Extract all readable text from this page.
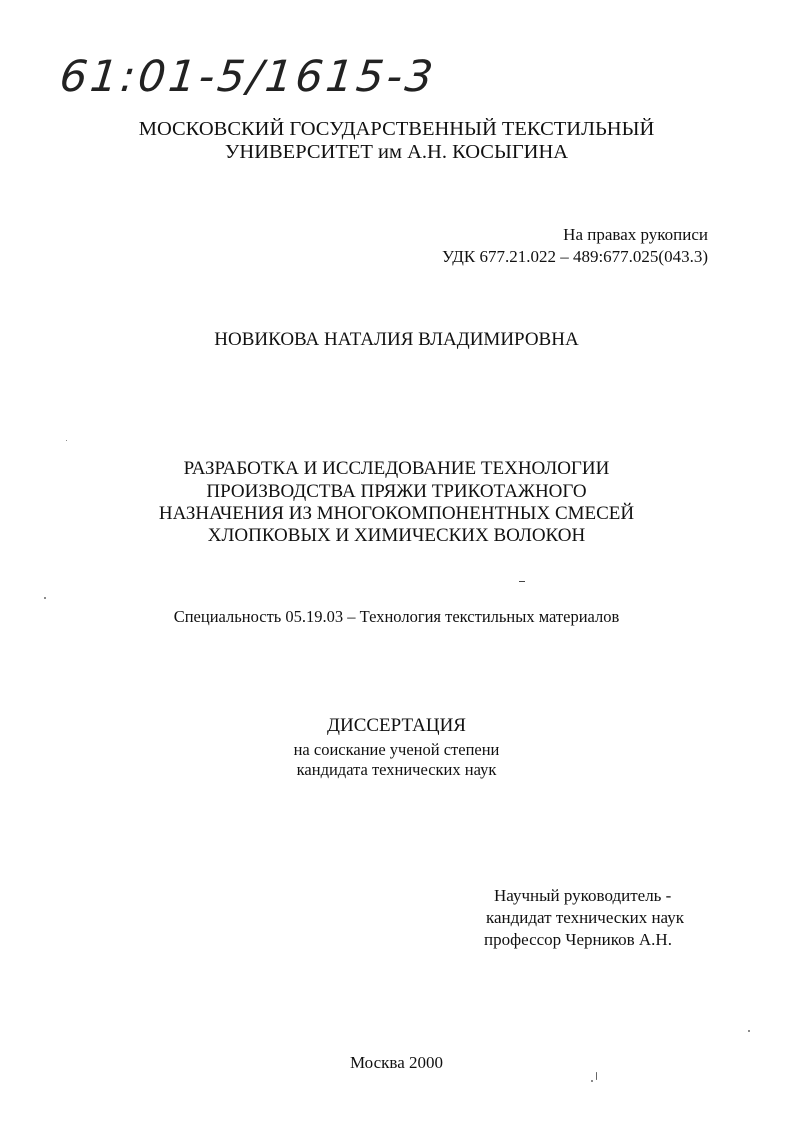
61:01-5/1615-3
МОСКОВСКИЙ ГОСУДАРСТВЕННЫЙ ТЕКСТИЛЬНЫЙ
УНИВЕРСИТЕТ им А.Н. КОСЫГИНА
На правах рукописи
УДК 677.21.022 – 489:677.025(043.3)
НОВИКОВА НАТАЛИЯ ВЛАДИМИРОВНА
РАЗРАБОТКА И ИССЛЕДОВАНИЕ ТЕХНОЛОГИИ
ПРОИЗВОДСТВА ПРЯЖИ ТРИКОТАЖНОГО
НАЗНАЧЕНИЯ ИЗ МНОГОКОМПОНЕНТНЫХ СМЕСЕЙ
ХЛОПКОВЫХ И ХИМИЧЕСКИХ ВОЛОКОН
Специальность 05.19.03 – Технология текстильных материалов
ДИССЕРТАЦИЯ
на соискание ученой степени
кандидата технических наук
Научный руководитель -
кандидат технических наук
профессор Черников А.Н.
Москва 2000
